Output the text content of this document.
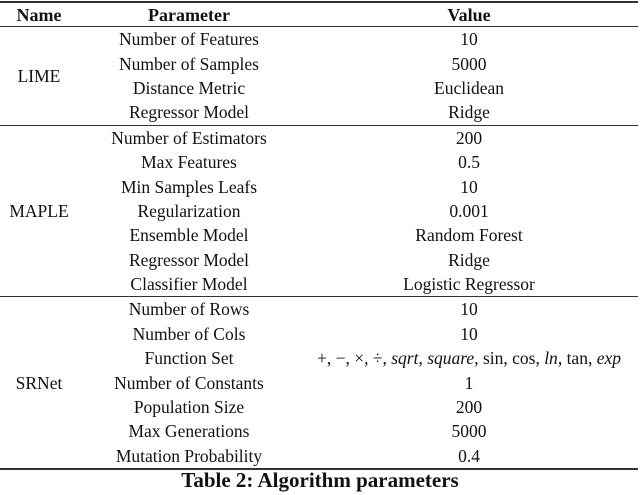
Name	Parameter	Value
LIME	Number of Features	10
	Number of Samples	5000
	Distance Metric	Euclidean
	Regressor Model	Ridge
MAPLE	Number of Estimators	200
	Max Features	0.5
	Min Samples Leafs	10
	Regularization	0.001
	Ensemble Model	Random Forest
	Regressor Model	Ridge
	Classifier Model	Logistic Regressor
SRNet	Number of Rows	10
	Number of Cols	10
	Function Set	+, −, ×, ÷, sqrt, square, sin, cos, ln, tan, exp
	Number of Constants	1
	Population Size	200
	Max Generations	5000
	Mutation Probability	0.4
Table 2: Algorithm parameters
